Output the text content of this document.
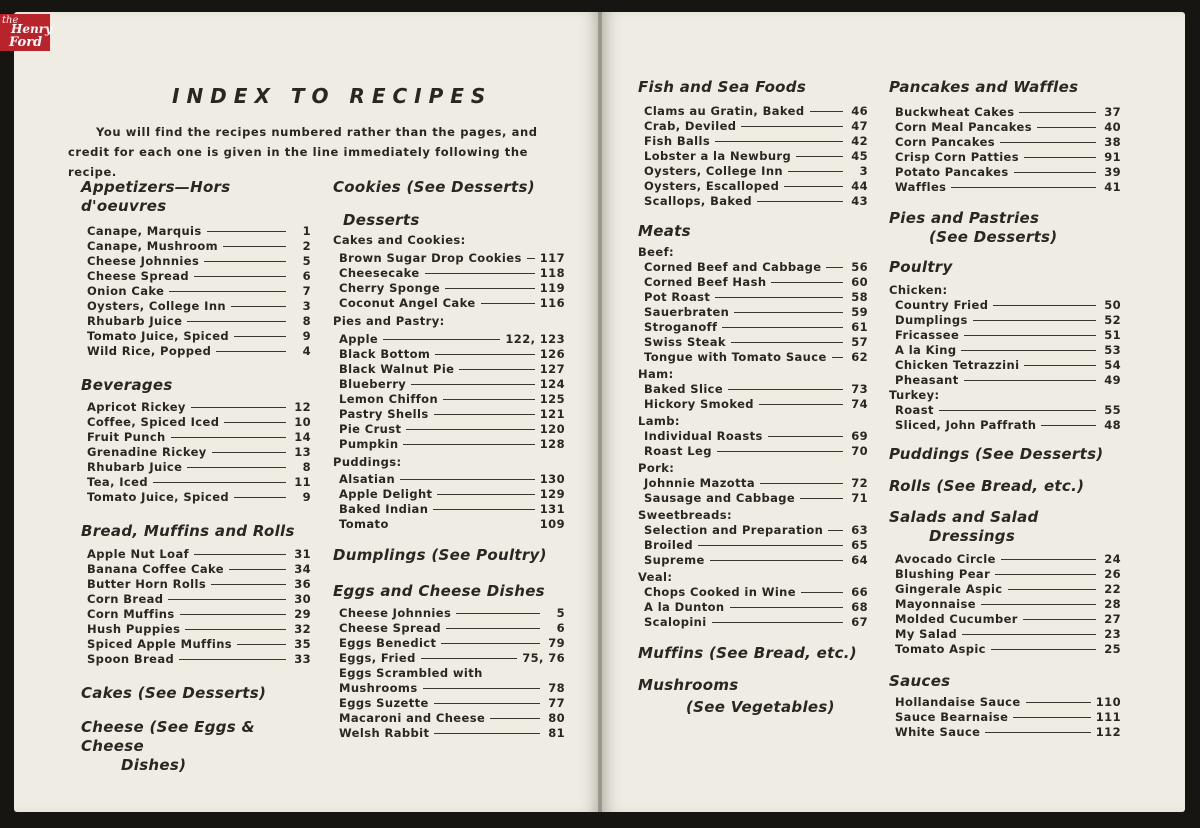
the
Henry
Ford
INDEX TO RECIPES
You will find the recipes numbered rather than the pages, and credit for each one is given in the line immediately following the recipe.
Appetizers—Hors d'oeuvres
Canape, Marquis	1
Canape, Mushroom	2
Cheese Johnnies	5
Cheese Spread	6
Onion Cake	7
Oysters, College Inn	3
Rhubarb Juice	8
Tomato Juice, Spiced	9
Wild Rice, Popped	4
Beverages
Apricot Rickey	12
Coffee, Spiced Iced	10
Fruit Punch	14
Grenadine Rickey	13
Rhubarb Juice	8
Tea, Iced	11
Tomato Juice, Spiced	9
Bread, Muffins and Rolls
Apple Nut Loaf	31
Banana Coffee Cake	34
Butter Horn Rolls	36
Corn Bread	30
Corn Muffins	29
Hush Puppies	32
Spiced Apple Muffins	35
Spoon Bread	33
Cakes (See Desserts)
Cheese (See Eggs & Cheese
Dishes)
Cookies (See Desserts)
Desserts
Cakes and Cookies:
Brown Sugar Drop Cookies 117
Cheesecake	118
Cherry Sponge	119
Coconut Angel Cake	116
Pies and Pastry:
Apple	122, 123
Black Bottom	126
Black Walnut Pie	127
Blueberry	124
Lemon Chiffon	125
Pastry Shells	121
Pie Crust	120
Pumpkin	128
Puddings:
Alsatian	130
Apple Delight	129
Baked Indian	131
Tomato	109
Dumplings (See Poultry)
Eggs and Cheese Dishes
Cheese Johnnies	5
Cheese Spread	6
Eggs Benedict	79
Eggs, Fried	75, 76
Eggs Scrambled with
Mushrooms	78
Eggs Suzette	77
Macaroni and Cheese	80
Welsh Rabbit	81
Fish and Sea Foods
Clams au Gratin, Baked	46
Crab, Deviled	47
Fish Balls	42
Lobster a la Newburg	45
Oysters, College Inn	3
Oysters, Escalloped	44
Scallops, Baked	43
Meats
Beef:
Corned Beef and Cabbage	56
Corned Beef Hash	60
Pot Roast	58
Sauerbraten	59
Stroganoff	61
Swiss Steak	57
Tongue with Tomato Sauce 62
Ham:
Baked Slice	73
Hickory Smoked	74
Lamb:
Individual Roasts	69
Roast Leg	70
Pork:
Johnnie Mazotta	72
Sausage and Cabbage	71
Sweetbreads:
Selection and Preparation 63
Broiled	65
Supreme	64
Veal:
Chops Cooked in Wine	66
A la Dunton	68
Scalopini	67
Muffins (See Bread, etc.)
Mushrooms
(See Vegetables)
Pancakes and Waffles
Buckwheat Cakes	37
Corn Meal Pancakes	40
Corn Pancakes	38
Crisp Corn Patties	91
Potato Pancakes	39
Waffles	41
Pies and Pastries
(See Desserts)
Poultry
Chicken:
Country Fried	50
Dumplings	52
Fricassee	51
A la King	53
Chicken Tetrazzini	54
Pheasant	49
Turkey:
Roast	55
Sliced, John Paffrath	48
Puddings (See Desserts)
Rolls (See Bread, etc.)
Salads and Salad
Dressings
Avocado Circle	24
Blushing Pear	26
Gingerale Aspic	22
Mayonnaise	28
Molded Cucumber	27
My Salad	23
Tomato Aspic	25
Sauces
Hollandaise Sauce	110
Sauce Bearnaise	111
White Sauce	112
